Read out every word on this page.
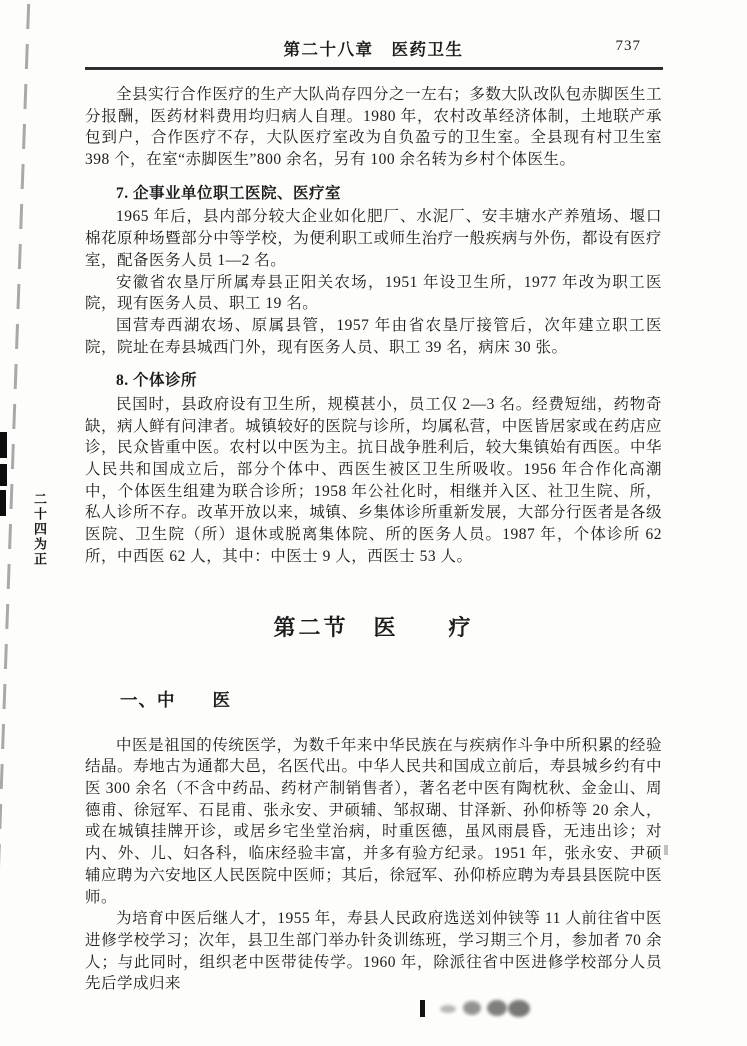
二十四为正
第二十八章　医药卫生	737

全县实行合作医疗的生产大队尚存四分之一左右；多数大队改队包赤脚医生工分报酬，医药材料费用均归病人自理。1980 年，农村改革经济体制，土地联产承包到户，合作医疗不存，大队医疗室改为自负盈亏的卫生室。全县现有村卫生室 398 个，在室“赤脚医生”800 余名，另有 100 余名转为乡村个体医生。

7. 企事业单位职工医院、医疗室

1965 年后，县内部分较大企业如化肥厂、水泥厂、安丰塘水产养殖场、堰口棉花原种场暨部分中等学校，为便利职工或师生治疗一般疾病与外伤，都设有医疗室，配备医务人员 1—2 名。

安徽省农垦厅所属寿县正阳关农场，1951 年设卫生所，1977 年改为职工医院，现有医务人员、职工 19 名。

国营寿西湖农场、原属县管，1957 年由省农垦厅接管后，次年建立职工医院，院址在寿县城西门外，现有医务人员、职工 39 名，病床 30 张。

8. 个体诊所

民国时，县政府设有卫生所，规模甚小，员工仅 2—3 名。经费短绌，药物奇缺，病人鲜有问津者。城镇较好的医院与诊所，均属私营，中医皆居家或在药店应诊，民众皆重中医。农村以中医为主。抗日战争胜利后，较大集镇始有西医。中华人民共和国成立后，部分个体中、西医生被区卫生所吸收。1956 年合作化高潮中，个体医生组建为联合诊所；1958 年公社化时，相继并入区、社卫生院、所，私人诊所不存。改革开放以来，城镇、乡集体诊所重新发展，大部分行医者是各级医院、卫生院（所）退休或脱离集体院、所的医务人员。1987 年，个体诊所 62 所，中西医 62 人，其中：中医士 9 人，西医士 53 人。

第二节　医　　疗
一、中　　医

中医是祖国的传统医学，为数千年来中华民族在与疾病作斗争中所积累的经验结晶。寿地古为通都大邑，名医代出。中华人民共和国成立前后，寿县城乡约有中医 300 余名（不含中药品、药材产制销售者），著名老中医有陶枕秋、金金山、周德甫、徐冠军、石昆甫、张永安、尹硕辅、邹叔瑚、甘泽新、孙仰桥等 20 余人，或在城镇挂牌开诊，或居乡宅坐堂治病，时重医德，虽风雨晨昏，无违出诊；对内、外、儿、妇各科，临床经验丰富，并多有验方纪录。1951 年，张永安、尹硕辅应聘为六安地区人民医院中医师；其后，徐冠军、孙仰桥应聘为寿县县医院中医师。

为培育中医后继人才，1955 年，寿县人民政府选送刘仲铗等 11 人前往省中医进修学校学习；次年，县卫生部门举办针灸训练班，学习期三个月，参加者 70 余人；与此同时，组织老中医带徒传学。1960 年，除派往省中医进修学校部分人员先后学成归来
